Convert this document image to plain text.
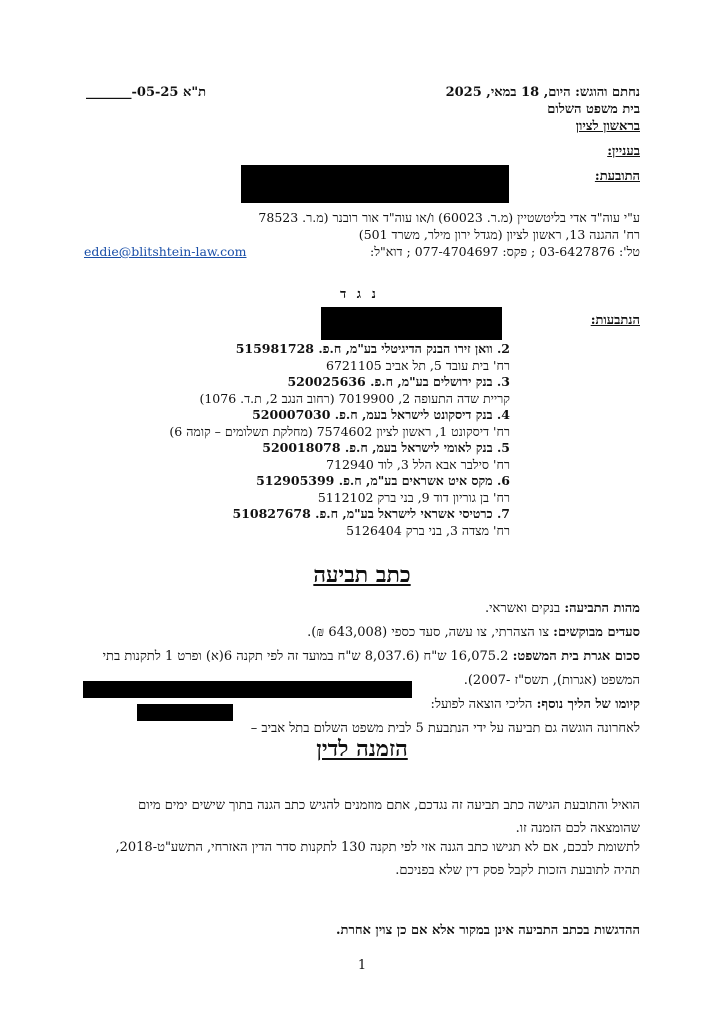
נחתם והוגש: היום, 18 במאי, 2025
ת"א ‎_______‎-05-25
בית משפט השלום
בראשון לציון
בעניין:
התובעת:
ע"י עוה"ד אדי בליטשטיין (מ.ר. 60023) ו/או עוה"ד אור רובנר (מ.ר. 78523
רח' ההגנה 13, ראשון לציון (מגדל ירון מילר, משרד 501)
טל': 03-6427876 ; פקס: 077-4704697 ; דוא"ל:
eddie@blitshtein-law.com
נ ג ד
הנתבעות:
2. וואן זירו הבנק הדיגיטלי בע"מ, ח.פ. 515981728
רח' בית עובד 5, תל אביב 6721105
3. בנק ירושלים בע"מ, ח.פ. 520025636
קריית שדה התעופה 2, 7019900 (רחוב הנגב 2, ת.ד. 1076)
4. בנק דיסקונט לישראל בעמ, ח.פ. 520007030
רח' דיסקונט 1, ראשון לציון 7574602 (מחלקת תשלומים – קומה 6)
5. בנק לאומי לישראל בעמ, ח.פ. 520018078
רח' סילבר אבא הלל 3, לוד 712940
6. מקס איט אשראים בע"מ, ח.פ. 512905399
רח' בן גוריון דוד 9, בני ברק 5112102
7. כרטיסי אשראי לישראל בע"מ, ח.פ. 510827678
רח' מצדה 3, בני ברק 5126404
כתב תביעה
מהות התביעה: בנקים ואשראי.
סעדים מבוקשים: צו הצהרתי, צו עשה, סעד כספי (643,008 ₪).
סכום אגרת בית המשפט: 16,075.2 ש"ח (8,037.6 ש"ח במועד זה לפי תקנה 6(א) ופרט 1 לתקנות בתי
המשפט (אגרות), תשס"ז -2007).
קיומו של הליך נוסף: הליכי הוצאה לפועל:
לאחרונה הוגשה גם תביעה על ידי הנתבעת 5 לבית משפט השלום בתל אביב –
הזמנה לדין
הואיל והתובעת הגישה כתב תביעה זה נגדכם, אתם מוזמנים להגיש כתב הגנה בתוך שישים ימים מיום
שהומצאה לכם הזמנה זו.
לתשומת לבכם, אם לא תגישו כתב הגנה אזי לפי תקנה 130 לתקנות סדר הדין האזרחי, התשע"ט-2018,
תהיה לתובעת הזכות לקבל פסק דין שלא בפניכם.
ההדגשות בכתב התביעה אינן במקור אלא אם כן צוין אחרת.
1
